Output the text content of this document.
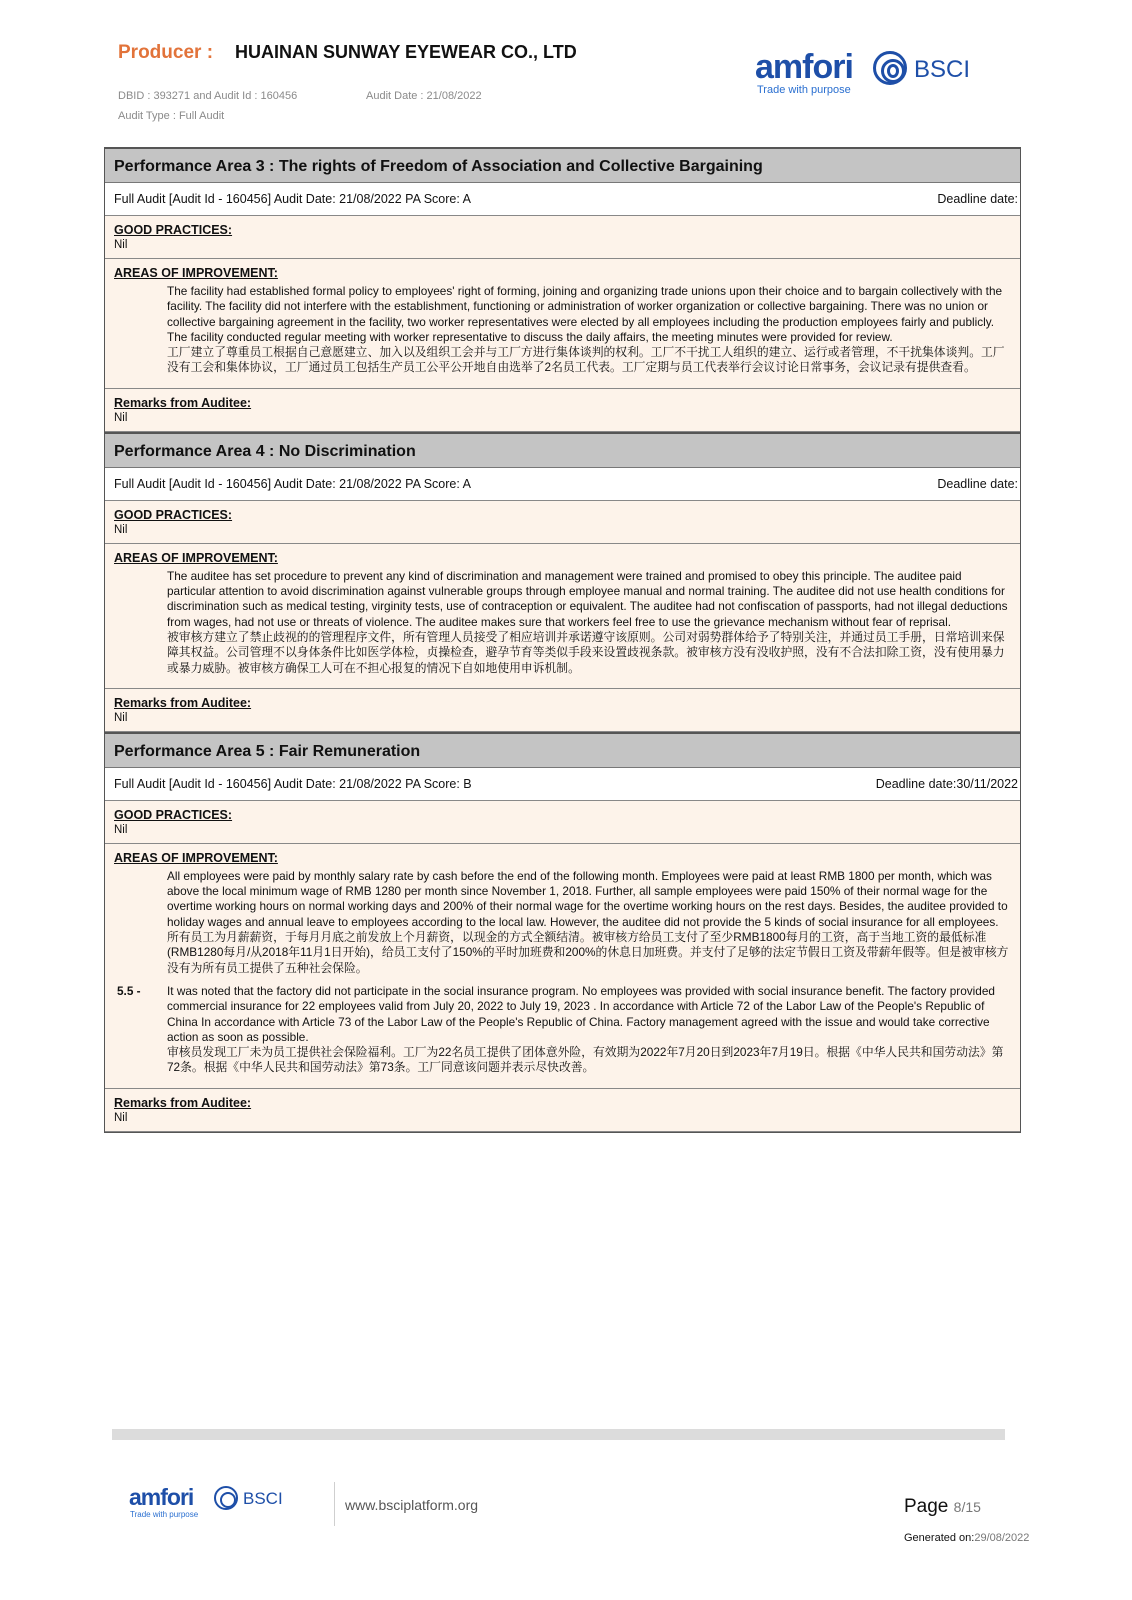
Producer : HUAINAN SUNWAY EYEWEAR CO., LTD
DBID : 393271 and Audit Id : 160456	Audit Date : 21/08/2022
Audit Type : Full Audit
amfori	BSCI
Trade with purpose
Performance Area 3 : The rights of Freedom of Association and Collective Bargaining
Full Audit [Audit Id - 160456] Audit Date: 21/08/2022 PA Score: A	Deadline date:
GOOD PRACTICES:
Nil
AREAS OF IMPROVEMENT:
The facility had established formal policy to employees' right of forming, joining and organizing trade unions upon their choice and to bargain collectively with the facility. The facility did not interfere with the establishment, functioning or administration of worker organization or collective bargaining. There was no union or collective bargaining agreement in the facility, two worker representatives were elected by all employees including the production employees fairly and publicly. The facility conducted regular meeting with worker representative to discuss the daily affairs, the meeting minutes were provided for review.
工厂建立了尊重员工根据自己意愿建立、加入以及组织工会并与工厂方进行集体谈判的权利。工厂不干扰工人组织的建立、运行或者管理，不干扰集体谈判。工厂没有工会和集体协议，工厂通过员工包括生产员工公平公开地自由选举了2名员工代表。工厂定期与员工代表举行会议讨论日常事务，会议记录有提供查看。
Remarks from Auditee:
Nil
Performance Area 4 : No Discrimination
Full Audit [Audit Id - 160456] Audit Date: 21/08/2022 PA Score: A	Deadline date:
GOOD PRACTICES:
Nil
AREAS OF IMPROVEMENT:
The auditee has set procedure to prevent any kind of discrimination and management were trained and promised to obey this principle. The auditee paid particular attention to avoid discrimination against vulnerable groups through employee manual and normal training. The auditee did not use health conditions for discrimination such as medical testing, virginity tests, use of contraception or equivalent. The auditee had not confiscation of passports, had not illegal deductions from wages, had not use or threats of violence. The auditee makes sure that workers feel free to use the grievance mechanism without fear of reprisal.
被审核方建立了禁止歧视的的管理程序文件，所有管理人员接受了相应培训并承诺遵守该原则。公司对弱势群体给予了特别关注，并通过员工手册，日常培训来保障其权益。公司管理不以身体条件比如医学体检，贞操检查，避孕节育等类似手段来设置歧视条款。被审核方没有没收护照，没有不合法扣除工资，没有使用暴力或暴力威胁。被审核方确保工人可在不担心报复的情况下自如地使用申诉机制。
Remarks from Auditee:
Nil
Performance Area 5 : Fair Remuneration
Full Audit [Audit Id - 160456] Audit Date: 21/08/2022 PA Score: B	Deadline date:30/11/2022
GOOD PRACTICES:
Nil
AREAS OF IMPROVEMENT:
All employees were paid by monthly salary rate by cash before the end of the following month. Employees were paid at least RMB 1800 per month, which was above the local minimum wage of RMB 1280 per month since November 1, 2018. Further, all sample employees were paid 150% of their normal wage for the overtime working hours on normal working days and 200% of their normal wage for the overtime working hours on the rest days. Besides, the auditee provided to holiday wages and annual leave to employees according to the local law. However, the auditee did not provide the 5 kinds of social insurance for all employees.
所有员工为月薪薪资，于每月月底之前发放上个月薪资，以现金的方式全额结清。被审核方给员工支付了至少RMB1800每月的工资，高于当地工资的最低标准(RMB1280每月/从2018年11月1日开始)，给员工支付了150%的平时加班费和200%的休息日加班费。并支付了足够的法定节假日工资及带薪年假等。但是被审核方没有为所有员工提供了五种社会保险。
5.5 - It was noted that the factory did not participate in the social insurance program. No employees was provided with social insurance benefit. The factory provided commercial insurance for 22 employees valid from July 20, 2022 to July 19, 2023 . In accordance with Article 72 of the Labor Law of the People's Republic of China In accordance with Article 73 of the Labor Law of the People's Republic of China. Factory management agreed with the issue and would take corrective action as soon as possible.
审核员发现工厂未为员工提供社会保险福利。工厂为22名员工提供了团体意外险，有效期为2022年7月20日到2023年7月19日。根据《中华人民共和国劳动法》第72条。根据《中华人民共和国劳动法》第73条。工厂同意该问题并表示尽快改善。
Remarks from Auditee:
Nil
amfori	BSCI
Trade with purpose
www.bsciplatform.org	Page 8/15
Generated on:29/08/2022
